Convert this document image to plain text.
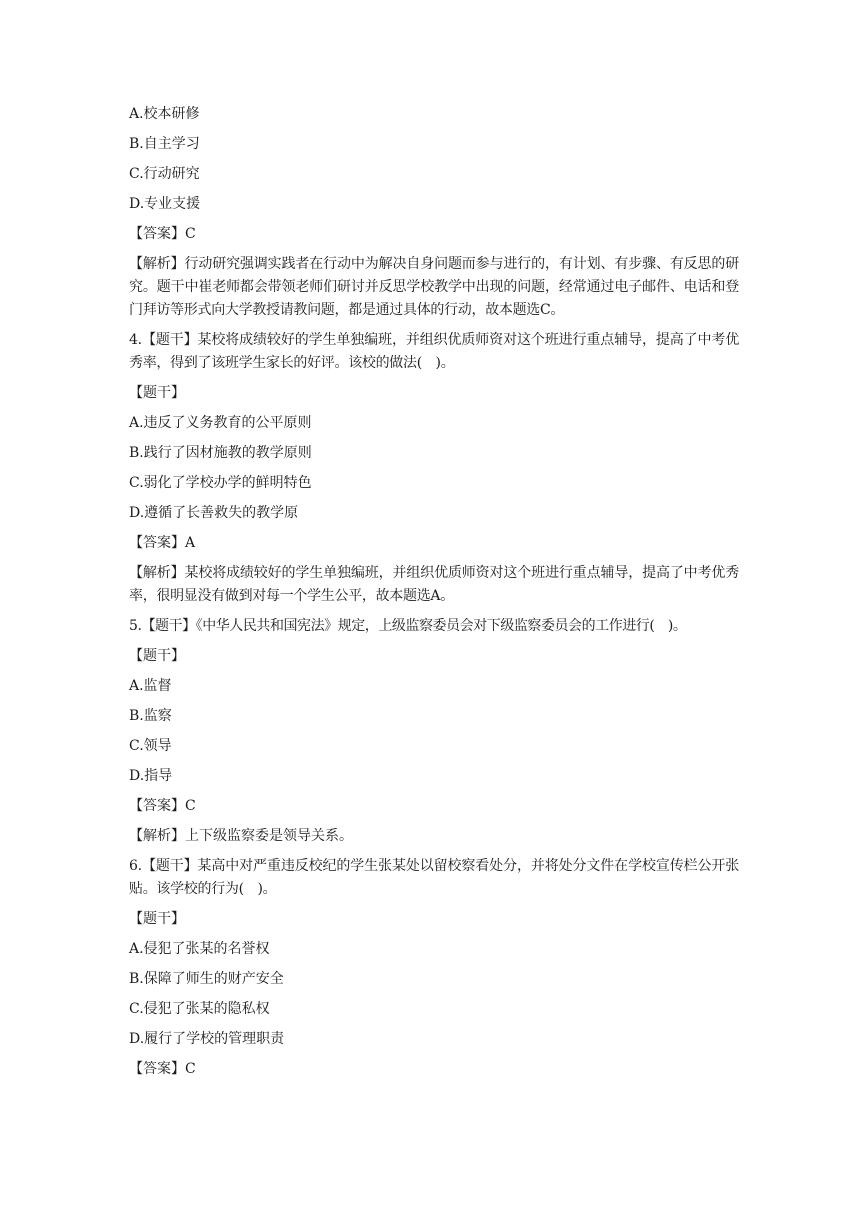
A.校本研修

B.自主学习

C.行动研究

D.专业支援

【答案】C

【解析】行动研究强调实践者在行动中为解决自身问题而参与进行的，有计划、有步骤、有反思的研究。题干中崔老师都会带领老师们研讨并反思学校教学中出现的问题，经常通过电子邮件、电话和登门拜访等形式向大学教授请教问题，都是通过具体的行动，故本题选C。

4.【题干】某校将成绩较好的学生单独编班，并组织优质师资对这个班进行重点辅导，提高了中考优秀率，得到了该班学生家长的好评。该校的做法(　)。

【题干】

A.违反了义务教育的公平原则

B.践行了因材施教的教学原则

C.弱化了学校办学的鲜明特色

D.遵循了长善救失的教学原

【答案】A

【解析】某校将成绩较好的学生单独编班，并组织优质师资对这个班进行重点辅导，提高了中考优秀率，很明显没有做到对每一个学生公平，故本题选A。

5.【题干】《中华人民共和国宪法》规定，上级监察委员会对下级监察委员会的工作进行(　)。

【题干】

A.监督

B.监察

C.领导

D.指导

【答案】C

【解析】上下级监察委是领导关系。

6.【题干】某高中对严重违反校纪的学生张某处以留校察看处分，并将处分文件在学校宣传栏公开张贴。该学校的行为(　)。

【题干】

A.侵犯了张某的名誉权

B.保障了师生的财产安全

C.侵犯了张某的隐私权

D.履行了学校的管理职责

【答案】C
